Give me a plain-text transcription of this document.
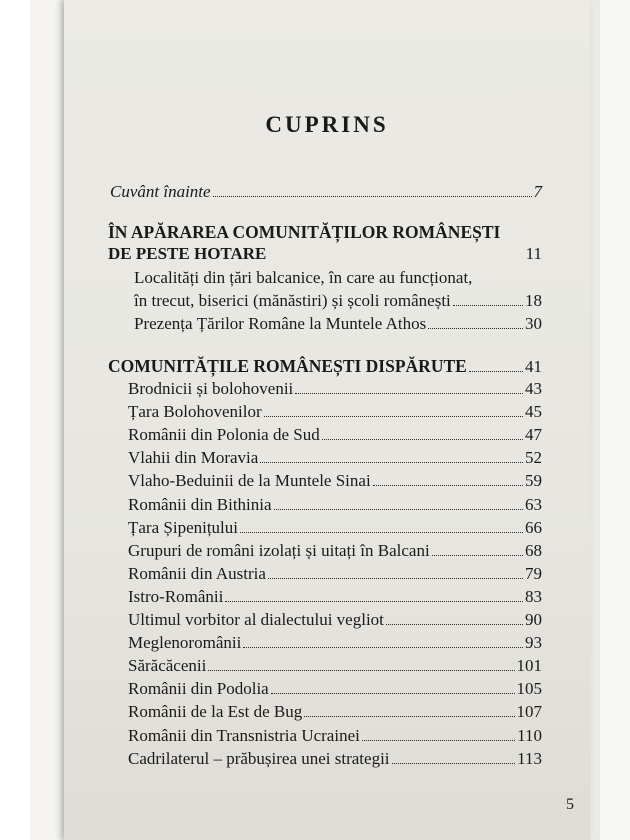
CUPRINS
Cuvânt înainte	7
ÎN APĂRAREA COMUNITĂȚILOR ROMÂNEȘTI
DE PESTE HOTARE	11
Localități din țări balcanice, în care au funcționat,
în trecut, biserici (mănăstiri) și școli românești	18
Prezența Țărilor Române la Muntele Athos	30
COMUNITĂȚILE ROMÂNEȘTI DISPĂRUTE	41
Brodnicii și bolohovenii	43
Țara Bolohovenilor	45
Românii din Polonia de Sud	47
Vlahii din Moravia	52
Vlaho-Beduinii de la Muntele Sinai	59
Românii din Bithinia	63
Țara Șipenițului	66
Grupuri de români izolați și uitați în Balcani	68
Românii din Austria	79
Istro-Românii	83
Ultimul vorbitor al dialectului vegliot	90
Meglenoromânii	93
Sărăcăcenii	101
Românii din Podolia	105
Românii de la Est de Bug	107
Românii din Transnistria Ucrainei	110
Cadrilaterul – prăbușirea unei strategii	113
5
